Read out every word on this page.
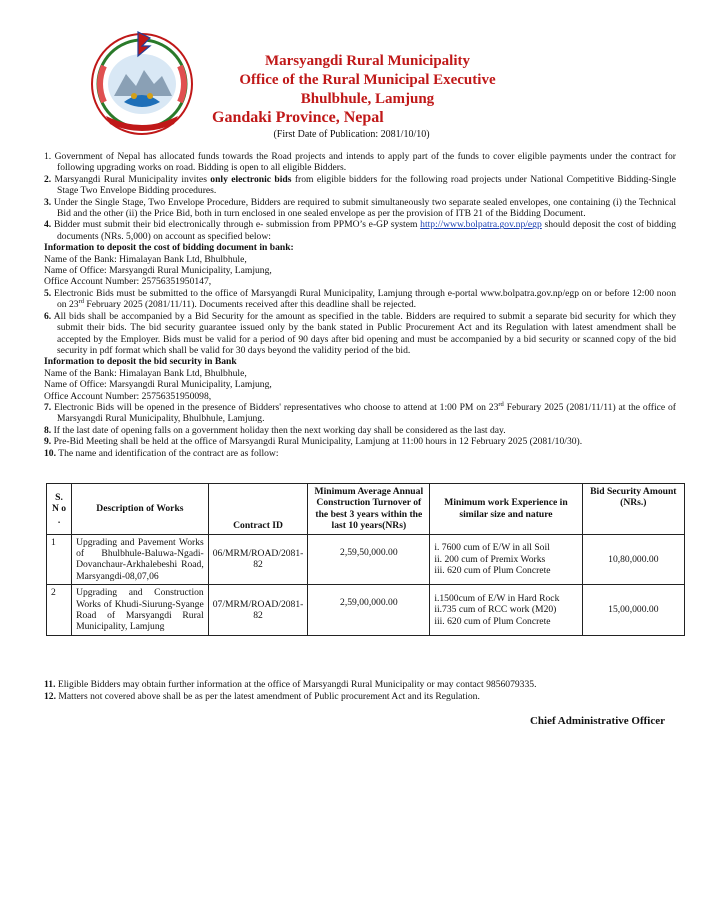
Marsyangdi Rural Municipality
Office of the Rural Municipal Executive
Bhulbhule, Lamjung
Gandaki Province, Nepal
(First Date of Publication: 2081/10/10)

1. Government of Nepal has allocated funds towards the Road projects and intends to apply part of the funds to cover eligible payments under the contract for following upgrading works on road. Bidding is open to all eligible Bidders.

2. Marsyangdi Rural Municipality invites only electronic bids from eligible bidders for the following road projects under National Competitive Bidding-Single Stage Two Envelope Bidding procedures.

3. Under the Single Stage, Two Envelope Procedure, Bidders are required to submit simultaneously two separate sealed envelopes, one containing (i) the Technical Bid and the other (ii) the Price Bid, both in turn enclosed in one sealed envelope as per the provision of ITB 21 of the Bidding Document.

4. Bidder must submit their bid electronically through e- submission from PPMO’s e-GP system http://www.bolpatra.gov.np/egp should deposit the cost of bidding documents (NRs. 5,000) on account as specified below:

Information to deposit the cost of bidding document in bank:

Name of the Bank: Himalayan Bank Ltd, Bhulbhule,

Name of Office: Marsyangdi Rural Municipality, Lamjung,

Office Account Number: 25756351950147,

5. Electronic Bids must be submitted to the office of Marsyangdi Rural Municipality, Lamjung through e-portal www.bolpatra.gov.np/egp on or before 12:00 noon on 23rd February 2025 (2081/11/11). Documents received after this deadline shall be rejected.

6. All bids shall be accompanied by a Bid Security for the amount as specified in the table. Bidders are required to submit a separate bid security for which they submit their bids. The bid security guarantee issued only by the bank stated in Public Procurement Act and its Regulation with latest amendment shall be accepted by the Employer. Bids must be valid for a period of 90 days after bid opening and must be accompanied by a bid security or scanned copy of the bid security in pdf format which shall be valid for 30 days beyond the validity period of the bid.

Information to deposit the bid security in Bank

Name of the Bank: Himalayan Bank Ltd, Bhulbhule,

Name of Office: Marsyangdi Rural Municipality, Lamjung,

Office Account Number: 25756351950098,

7. Electronic Bids will be opened in the presence of Bidders' representatives who choose to attend at 1:00 PM on 23rd Feburary 2025 (2081/11/11) at the office of Marsyangdi Rural Municipality, Bhulbhule, Lamjung.

8. If the last date of opening falls on a government holiday then the next working day shall be considered as the last day.

9. Pre-Bid Meeting shall be held at the office of Marsyangdi Rural Municipality, Lamjung at 11:00 hours in 12 February 2025 (2081/10/30).

10. The name and identification of the contract are as follow:

S. N o .	Description of Works	Contract ID	Minimum Average Annual Construction Turnover of the best 3 years within the last 10 years(NRs)	Minimum work Experience in similar size and nature	Bid Security Amount (NRs.)
1	Upgrading and Pavement Works of Bhulbhule-Baluwa-Ngadi-Dovanchaur-Arkhalebeshi Road, Marsyangdi-08,07,06	06/MRM/ROAD/2081-82	2,59,50,000.00	i. 7600 cum of E/W in all Soil
ii. 200 cum of Premix Works
iii. 620 cum of Plum Concrete	10,80,000.00
2	Upgrading and Construction Works of Khudi-Siurung-Syange Road of Marsyangdi Rural Municipality, Lamjung	07/MRM/ROAD/2081-82	2,59,00,000.00	i.1500cum of E/W in Hard Rock
ii.735 cum of RCC work (M20)
iii. 620 cum of Plum Concrete	15,00,000.00

11. Eligible Bidders may obtain further information at the office of Marsyangdi Rural Municipality or may contact 9856079335.

12. Matters not covered above shall be as per the latest amendment of Public procurement Act and its Regulation.

Chief Administrative Officer
